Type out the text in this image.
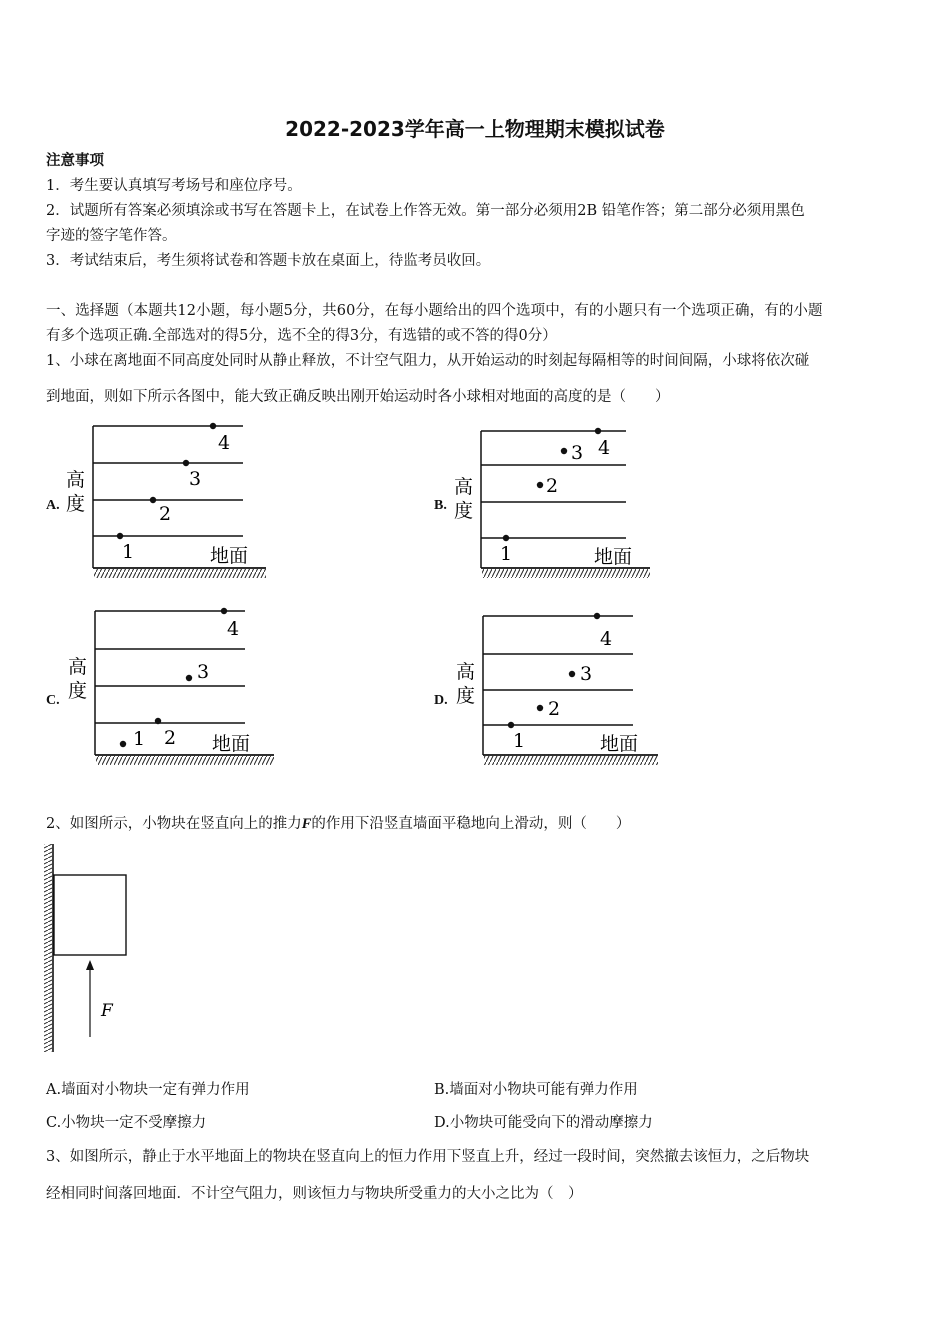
2022-2023学年高一上物理期末模拟试卷
注意事项
1．考生要认真填写考场号和座位序号。
2．试题所有答案必须填涂或书写在答题卡上，在试卷上作答无效。第一部分必须用2B 铅笔作答；第二部分必须用黑色
字迹的签字笔作答。
3．考试结束后，考生须将试卷和答题卡放在桌面上，待监考员收回。
一、选择题（本题共12小题，每小题5分，共60分，在每小题给出的四个选项中，有的小题只有一个选项正确，有的小题
有多个选项正确.全部选对的得5分，选不全的得3分，有选错的或不答的得0分）
1、小球在离地面不同高度处同时从静止释放，不计空气阻力，从开始运动的时刻起每隔相等的时间间隔，小球将依次碰
到地面，则如下所示各图中，能大致正确反映出刚开始运动时各小球相对地面的高度的是（　　）
A.
高
度
地面
1
2
3
4
B.
高
度
地面
1
2
3 4
C.
高
度
地面
1 2
3
4
D.
高
度
地面
1
2
3
4
2、如图所示，小物块在竖直向上的推力F的作用下沿竖直墙面平稳地向上滑动，则（　　）
F
A.墙面对小物块一定有弹力作用	B.墙面对小物块可能有弹力作用
C.小物块一定不受摩擦力	D.小物块可能受向下的滑动摩擦力
3、如图所示，静止于水平地面上的物块在竖直向上的恒力作用下竖直上升，经过一段时间，突然撤去该恒力，之后物块
经相同时间落回地面．不计空气阻力，则该恒力与物块所受重力的大小之比为（　）
